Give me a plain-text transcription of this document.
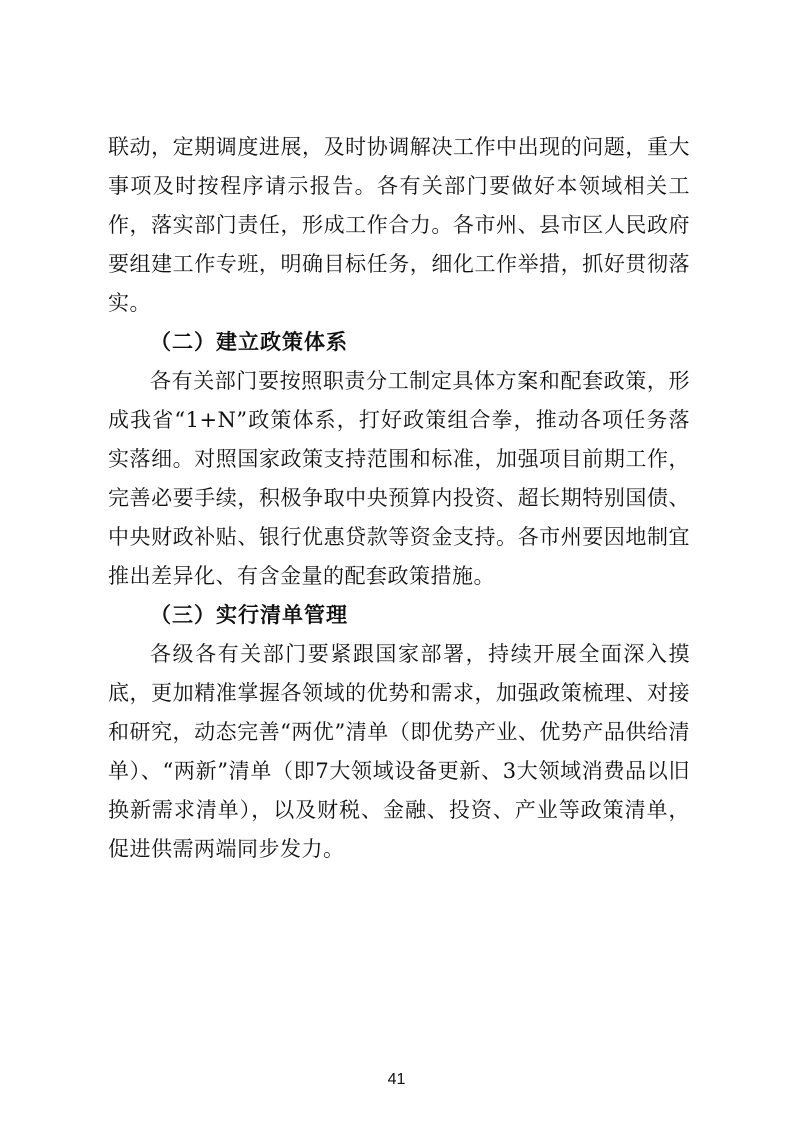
联动，定期调度进展，及时协调解决工作中出现的问题，重大事项及时按程序请示报告。各有关部门要做好本领域相关工作，落实部门责任，形成工作合力。各市州、县市区人民政府要组建工作专班，明确目标任务，细化工作举措，抓好贯彻落实。

（二）建立政策体系

各有关部门要按照职责分工制定具体方案和配套政策，形成我省“1+N”政策体系，打好政策组合拳，推动各项任务落实落细。对照国家政策支持范围和标准，加强项目前期工作，完善必要手续，积极争取中央预算内投资、超长期特别国债、中央财政补贴、银行优惠贷款等资金支持。各市州要因地制宜推出差异化、有含金量的配套政策措施。

（三）实行清单管理

各级各有关部门要紧跟国家部署，持续开展全面深入摸底，更加精准掌握各领域的优势和需求，加强政策梳理、对接和研究，动态完善“两优”清单（即优势产业、优势产品供给清单）、“两新”清单（即7大领域设备更新、3大领域消费品以旧换新需求清单），以及财税、金融、投资、产业等政策清单，促进供需两端同步发力。

41
